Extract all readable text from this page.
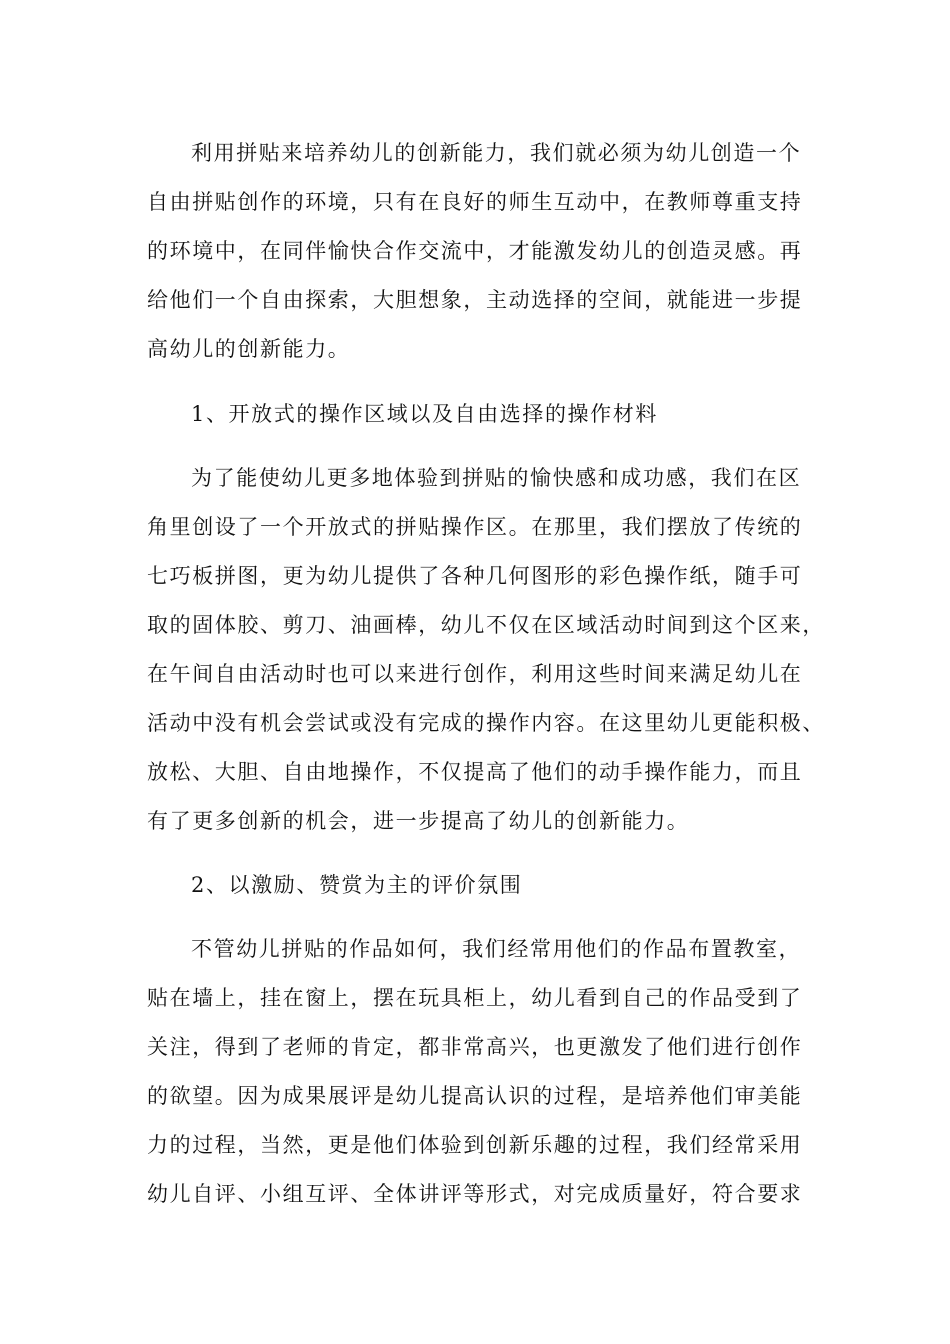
利用拼贴来培养幼儿的创新能力，我们就必须为幼儿创造一个
自由拼贴创作的环境，只有在良好的师生互动中，在教师尊重支持
的环境中，在同伴愉快合作交流中，才能激发幼儿的创造灵感。再
给他们一个自由探索，大胆想象，主动选择的空间，就能进一步提
高幼儿的创新能力。
1、开放式的操作区域以及自由选择的操作材料
为了能使幼儿更多地体验到拼贴的愉快感和成功感，我们在区
角里创设了一个开放式的拼贴操作区。在那里，我们摆放了传统的
七巧板拼图，更为幼儿提供了各种几何图形的彩色操作纸，随手可
取的固体胶、剪刀、油画棒，幼儿不仅在区域活动时间到这个区来，
在午间自由活动时也可以来进行创作，利用这些时间来满足幼儿在
活动中没有机会尝试或没有完成的操作内容。在这里幼儿更能积极、
放松、大胆、自由地操作，不仅提高了他们的动手操作能力，而且
有了更多创新的机会，进一步提高了幼儿的创新能力。
2、以激励、赞赏为主的评价氛围
不管幼儿拼贴的作品如何，我们经常用他们的作品布置教室，
贴在墙上，挂在窗上，摆在玩具柜上，幼儿看到自己的作品受到了
关注，得到了老师的肯定，都非常高兴，也更激发了他们进行创作
的欲望。因为成果展评是幼儿提高认识的过程，是培养他们审美能
力的过程，当然，更是他们体验到创新乐趣的过程，我们经常采用
幼儿自评、小组互评、全体讲评等形式，对完成质量好，符合要求
